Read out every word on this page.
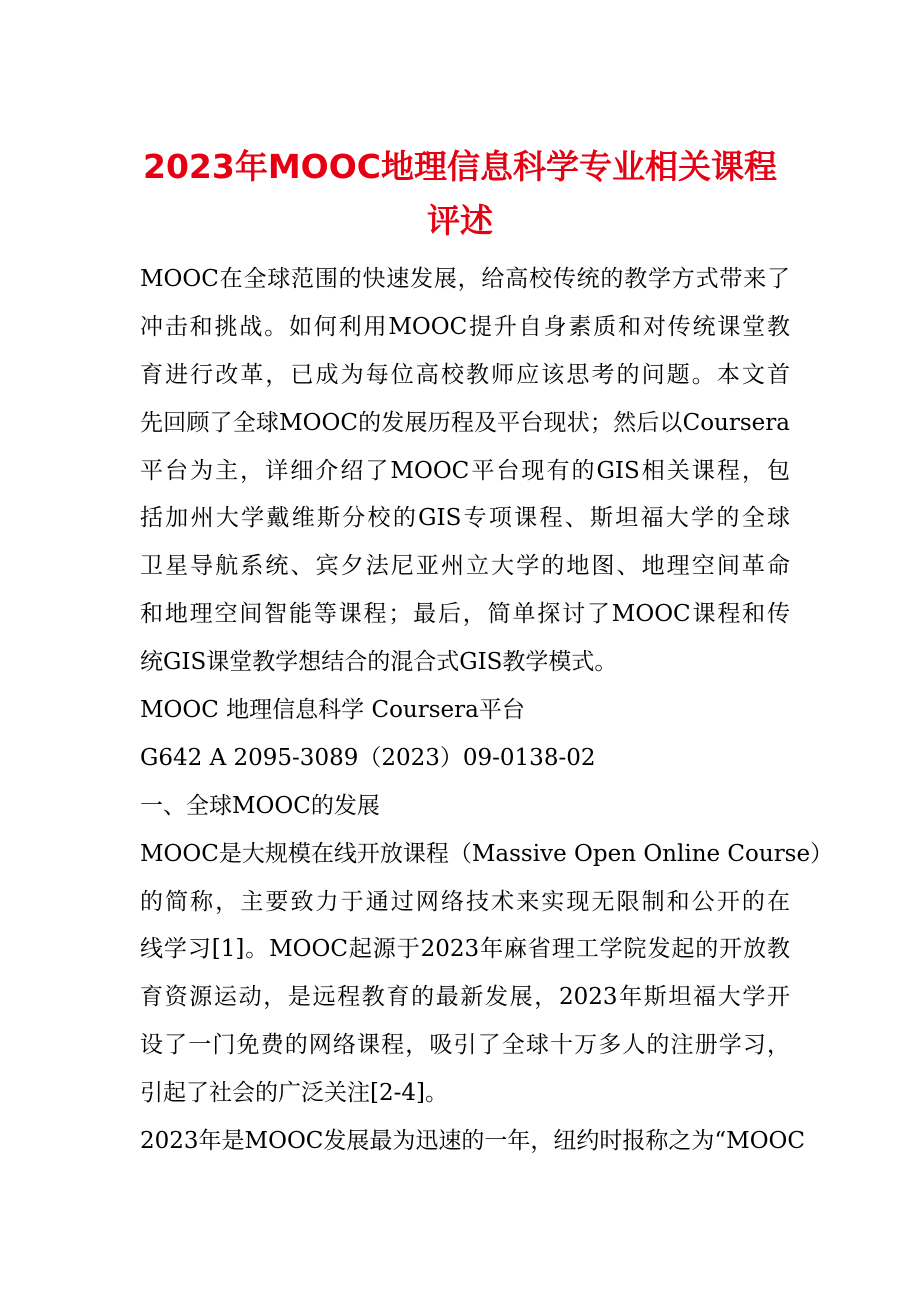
2023年MOOC地理信息科学专业相关课程
评述
MOOC在全球范围的快速发展，给高校传统的教学方式带来了
冲击和挑战。如何利用MOOC提升自身素质和对传统课堂教
育进行改革，已成为每位高校教师应该思考的问题。本文首
先回顾了全球MOOC的发展历程及平台现状；然后以Coursera
平台为主，详细介绍了MOOC平台现有的GIS相关课程，包
括加州大学戴维斯分校的GIS专项课程、斯坦福大学的全球
卫星导航系统、宾夕法尼亚州立大学的地图、地理空间革命
和地理空间智能等课程；最后，简单探讨了MOOC课程和传
统GIS课堂教学想结合的混合式GIS教学模式。
MOOC 地理信息科学 Coursera平台
G642 A 2095-3089（2023）09-0138-02
一、全球MOOC的发展
MOOC是大规模在线开放课程（Massive Open Online Course）
的简称，主要致力于通过网络技术来实现无限制和公开的在
线学习[1]。MOOC起源于2023年麻省理工学院发起的开放教
育资源运动，是远程教育的最新发展，2023年斯坦福大学开
设了一门免费的网络课程，吸引了全球十万多人的注册学习，
引起了社会的广泛关注[2-4]。
2023年是MOOC发展最为迅速的一年，纽约时报称之为“MOOC
